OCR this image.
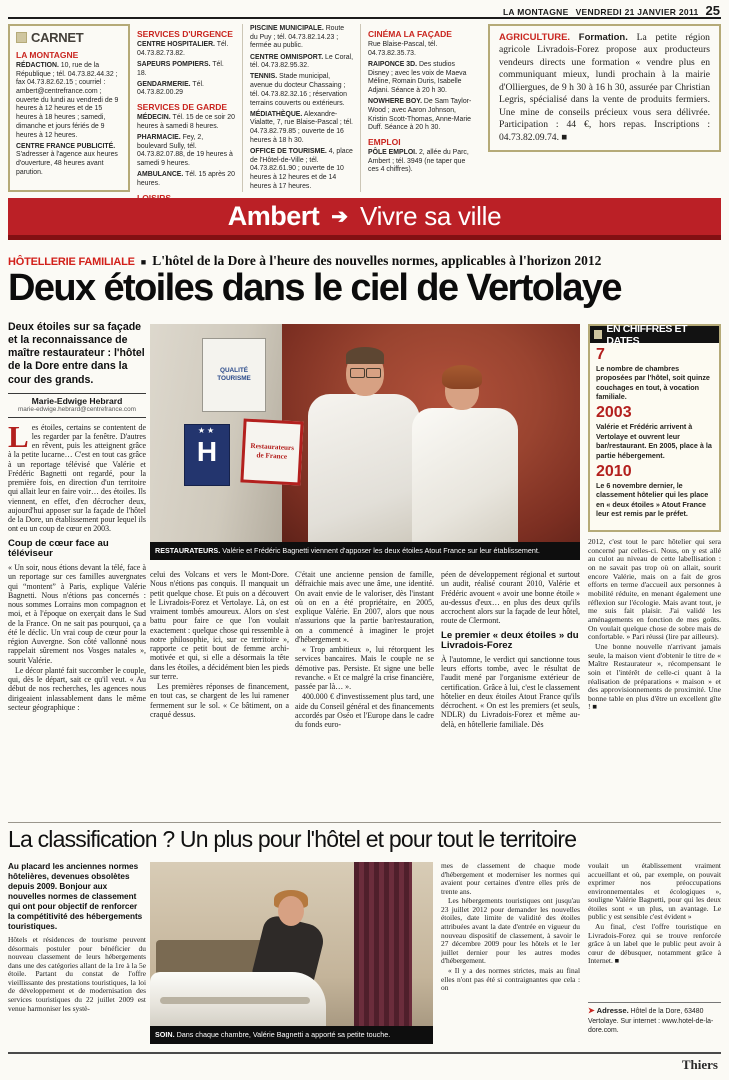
LA MONTAGNE VENDREDI 21 JANVIER 2011 25
CARNET
LA MONTAGNE

RÉDACTION. 10, rue de la République ; tél. 04.73.82.44.32 ; fax 04.73.82.62.15 ; courriel : ambert@centrefrance.com ; ouverte du lundi au vendredi de 9 heures à 12 heures et de 15 heures à 18 heures ; samedi, dimanche et jours fériés de 9 heures à 12 heures.

CENTRE FRANCE PUBLICITÉ. S'adresser à l'agence aux heures d'ouverture, 48 heures avant parution.

SERVICES D'URGENCE

CENTRE HOSPITALIER. Tél. 04.73.82.73.82.

SAPEURS POMPIERS. Tél. 18.

GENDARMERIE. Tél. 04.73.82.00.29

SERVICES DE GARDE

MÉDECIN. Tél. 15 de ce soir 20 heures à samedi 8 heures.

PHARMACIE. Fey, 2, boulevard Sully, tél. 04.73.82.07.88, de 19 heures à samedi 9 heures.

AMBULANCE. Tél. 15 après 20 heures.

PISCINE MUNICIPALE. Route du Puy ; tél. 04.73.82.14.23 ; fermée au public.

CENTRE OMNISPORT. Le Coral, tél. 04.73.82.95.32.

TENNIS. Stade municipal, avenue du docteur Chassaing ; tél. 04.73.82.32.16 ; réservation terrains couverts ou extérieurs.

MÉDIATHÈQUE. Alexandre-Vialatte, 7, rue Blaise-Pascal ; tél. 04.73.82.79.85 ; ouverte de 16 heures à 18 h 30.

OFFICE DE TOURISME. 4, place de l'Hôtel-de-Ville ; tél. 04.73.82.61.90 ; ouverte de 10 heures à 12 heures et de 14 heures à 17 heures.

CINÉMA LA FAÇADE

Rue Blaise-Pascal, tél. 04.73.82.35.73.

RAIPONCE 3D. Des studios Disney ; avec les voix de Maeva Méline, Romain Duris, Isabelle Adjani. Séance à 20 h 30.

NOWHERE BOY. De Sam Taylor-Wood ; avec Aaron Johnson, Kristin Scott-Thomas, Anne-Marie Duff. Séance à 20 h 30.

EMPLOI

PÔLE EMPLOI. 2, allée du Parc, Ambert ; tél. 3949 (ne taper que ces 4 chiffres).

AGRICULTURE. Formation. La petite région agricole Livradois-Forez propose aux producteurs vendeurs directs une formation « vendre plus en communiquant mieux, lundi prochain à la mairie d'Olliergues, de 9 h 30 à 16 h 30, assurée par Christian Legris, spécialisé dans la vente de produits fermiers. Une mine de conseils précieux vous sera délivrée. Participation : 44 €, hors repas. Inscriptions : 04.73.82.09.74. ■
Ambert ➔ Vivre sa ville
HÔTELLERIE FAMILIALE ■ L'hôtel de la Dore à l'heure des nouvelles normes, applicables à l'horizon 2012
Deux étoiles dans le ciel de Vertolaye
Deux étoiles sur sa façade et la reconnaissance de maître restaurateur : l'hôtel de la Dore entre dans la cour des grands.
Marie-Edwige Hebrard
marie-edwige.hebrard@centrefrance.com

Les étoiles, certains se contentent de les regarder par la fenêtre. D'autres en rêvent, puis les atteignent grâce à la petite lucarne… C'est en tout cas grâce à un reportage télévisé que Valérie et Frédéric Bagnetti ont regardé, pour la première fois, en direction d'un territoire qui allait leur en faire voir… des étoiles. Ils viennent, en effet, d'en décrocher deux, aujourd'hui apposer sur la façade de l'hôtel de la Dore, un établissement pour lequel ils ont eu un coup de cœur en 2003.

Coup de cœur face au téléviseur

« Un soir, nous étions devant la télé, face à un reportage sur ces familles auvergnates qui “montent” à Paris, explique Valérie Bagnetti. Nous n'étions pas concernés : nous sommes Lorrains mon compagnon et moi, et à l'époque on exerçait dans le Sud de la France. On ne sait pas pourquoi, ça a été le déclic. Un vrai coup de cœur pour la région Auvergne. Son côté vallonné nous rappelait sûrement nos Vosges natales », sourit Valérie.

Le décor planté fait succomber le couple, qui, dès le départ, sait ce qu'il veut. « Au début de nos recherches, les agences nous dirigeaient inlassablement dans le même secteur géographique :

QUALITÉ TOURISME
★★
H	Restaurateurs de France
RESTAURATEURS. Valérie et Frédéric Bagnetti viennent d'apposer les deux étoiles Atout France sur leur établissement.
EN CHIFFRES ET DATES
7
Le nombre de chambres proposées par l'hôtel, soit quinze couchages en tout, à vocation familiale.
2003
Valérie et Frédéric arrivent à Vertolaye et ouvrent leur bar/restaurant. En 2005, place à la partie hébergement.
2010
Le 6 novembre dernier, le classement hôtelier qui les place en « deux étoiles » Atout France leur est remis par le préfet.

celui des Volcans et vers le Mont-Dore. Nous n'étions pas conquis. Il manquait un petit quelque chose. Et puis on a découvert le Livradois-Forez et Vertolaye. Là, on est vraiment tombés amoureux. Alors on s'est battu pour faire ce que l'on voulait exactement : quelque chose qui ressemble à notre philosophie, ici, sur ce territoire », rapporte ce petit bout de femme archi-motivée et qui, si elle a désormais la tête dans les étoiles, a décidément bien les pieds sur terre.

Les premières réponses de financement, en tout cas, se chargent de les lui ramener fermement sur le sol. « Ce bâtiment, on a craqué dessus.

C'était une ancienne pension de famille, défraichie mais avec une âme, une identité. On avait envie de le valoriser, dès l'instant où on en a été propriétaire, en 2005, explique Valérie. En 2007, alors que nous n'assurions que la partie bar/restauration, on a commencé à imaginer le projet d'hébergement ».

« Trop ambitieux », lui rétorquent les services bancaires. Mais le couple ne se démotive pas. Persiste. Et signe une belle revanche. « Et ce malgré la crise financière, passée par là… ».

400.000 € d'investissement plus tard, une aide du Conseil général et des financements accordés par Oséo et l'Europe dans le cadre du fonds euro-

péen de développement régional et surtout un audit, réalisé courant 2010, Valérie et Frédéric avouent « avoir une bonne étoile » au-dessus d'eux… en plus des deux qu'ils accrochent alors sur la façade de leur hôtel, route de Clermont.

Le premier « deux étoiles » du Livradois-Forez

À l'automne, le verdict qui sanctionne tous leurs efforts tombe, avec le résultat de l'audit mené par l'organisme extérieur de certification. Grâce à lui, c'est le classement hôtelier en deux étoiles Atout France qu'ils décrochent. « On est les premiers (et seuls, NDLR) du Livradois-Forez et même au-delà, en hôtellerie familiale. Dès

2012, c'est tout le parc hôtelier qui sera concerné par celles-ci. Nous, on y est allé au culot au niveau de cette labellisation : on ne savait pas trop où on allait, sourit encore Valérie, mais on a fait de gros efforts en terme d'accueil aux personnes à mobilité réduite, en menant également une réflexion sur l'écologie. Mais avant tout, je me suis fait plaisir. J'ai validé les aménagements en fonction de mes goûts. On voulait quelque chose de sobre mais de confortable. » Pari réussi (lire par ailleurs).

Une bonne nouvelle n'arrivant jamais seule, la maison vient d'obtenir le titre de « Maître Restaurateur », récompensant le soin et l'intérêt de celle-ci quant à la réalisation de préparations « maison » et des approvisionnements de proximité. Une bonne table en plus d'être un excellent gîte ! ■

La classification ? Un plus pour l'hôtel et pour tout le territoire
Au placard les anciennes normes hôtelières, devenues obsolètes depuis 2009. Bonjour aux nouvelles normes de classement qui ont pour objectif de renforcer la compétitivité des hébergements touristiques.

Hôtels et résidences de tourisme peuvent désormais postuler pour bénéficier du nouveau classement de leurs hébergements dans une des catégories allant de la 1re à la 5e étoile. Partant du constat de l'offre vieillissante des prestations touristiques, la loi de développement et de modernisation des services touristiques du 22 juillet 2009 est venue harmoniser les systè-

SOIN. Dans chaque chambre, Valérie Bagnetti a apporté sa petite touche.

mes de classement de chaque mode d'hébergement et moderniser les normes qui avaient pour certaines d'entre elles près de trente ans.

Les hébergements touristiques ont jusqu'au 23 juillet 2012 pour demander les nouvelles étoiles, date limite de validité des étoiles attribuées avant la date d'entrée en vigueur du nouveau dispositif de classement, à savoir le 27 décembre 2009 pour les hôtels et le 1er juillet dernier pour les autres modes d'hébergement.

« Il y a des normes strictes, mais au final elles n'ont pas été si contraignantes que cela : on

voulait un établissement vraiment accueillant et où, par exemple, on pouvait exprimer nos préoccupations environnementales et écologiques », souligne Valérie Bagnetti, pour qui les deux étoiles sont « un plus, un avantage. Le public y est sensible c'est évident »

Au final, c'est l'offre touristique en Livradois-Forez qui se trouve renforcée grâce à un label que le public peut avoir à cœur de débusquer, notamment grâce à Internet. ■

➤ Adresse. Hôtel de la Dore, 63480 Vertolaye. Sur internet : www.hotel-de-la-dore.com.
Thiers
